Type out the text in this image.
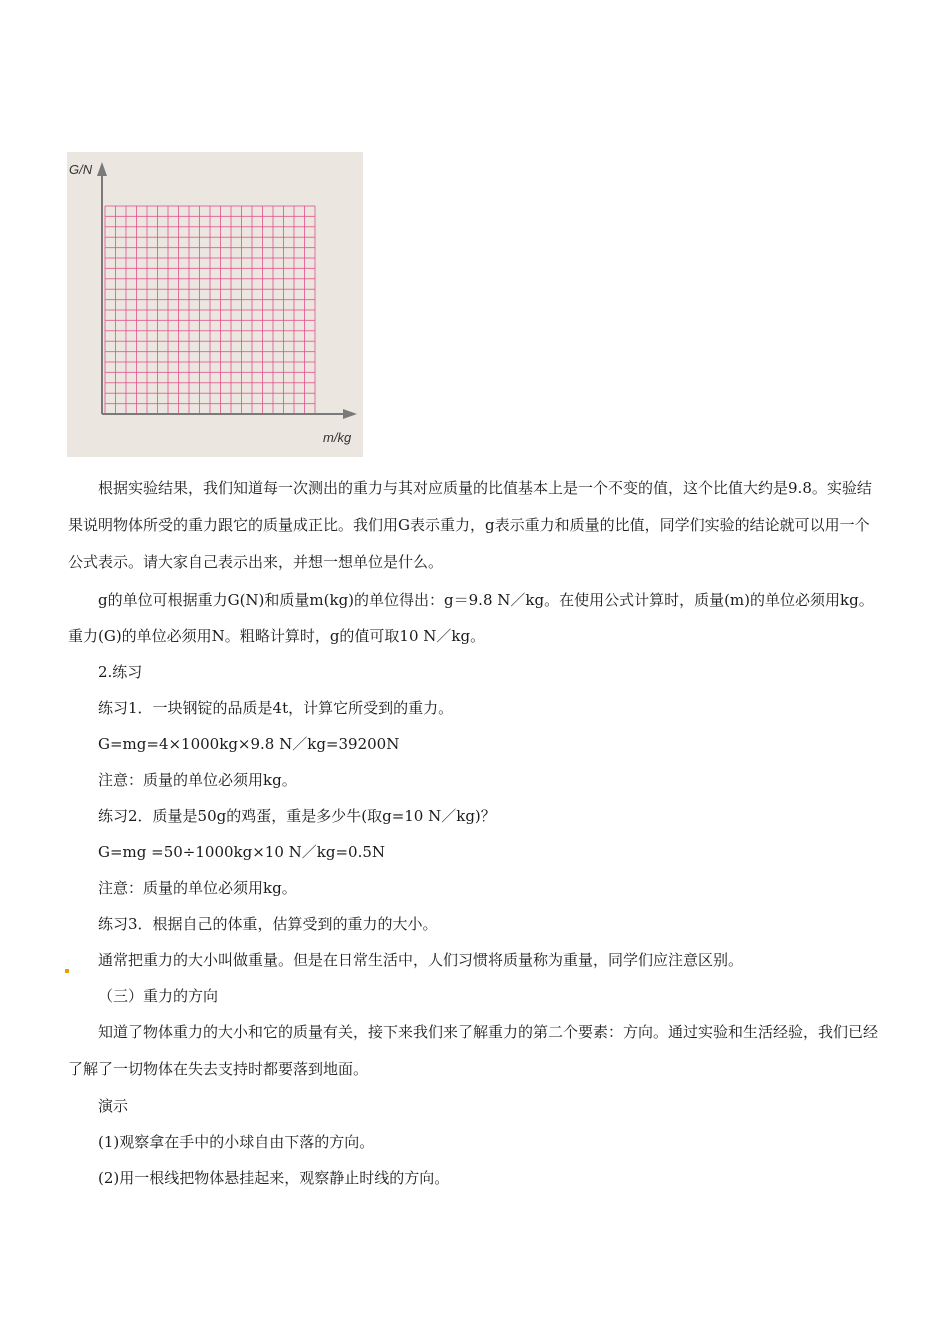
G/N
m/kg

根据实验结果，我们知道每一次测出的重力与其对应质量的比值基本上是一个不变的值，这个比值大约是9.8。实验结果说明物体所受的重力跟它的质量成正比。我们用G表示重力，g表示重力和质量的比值，同学们实验的结论就可以用一个公式表示。请大家自己表示出来，并想一想单位是什么。

g的单位可根据重力G(N)和质量m(kg)的单位得出：g＝9.8 N／kg。在使用公式计算时，质量(m)的单位必须用kg。重力(G)的单位必须用N。粗略计算时，g的值可取10 N／kg。

2.练习

练习1．一块钢锭的品质是4t，计算它所受到的重力。

G=mg=4×1000kg×9.8 N／kg=39200N

注意：质量的单位必须用kg。

练习2．质量是50g的鸡蛋，重是多少牛(取g=10 N／kg)？

G=mg =50÷1000kg×10 N／kg=0.5N

注意：质量的单位必须用kg。

练习3．根据自己的体重，估算受到的重力的大小。

通常把重力的大小叫做重量。但是在日常生活中，人们习惯将质量称为重量，同学们应注意区别。

（三）重力的方向

知道了物体重力的大小和它的质量有关，接下来我们来了解重力的第二个要素：方向。通过实验和生活经验，我们已经了解了一切物体在失去支持时都要落到地面。

演示

(1)观察拿在手中的小球自由下落的方向。

(2)用一根线把物体悬挂起来，观察静止时线的方向。
